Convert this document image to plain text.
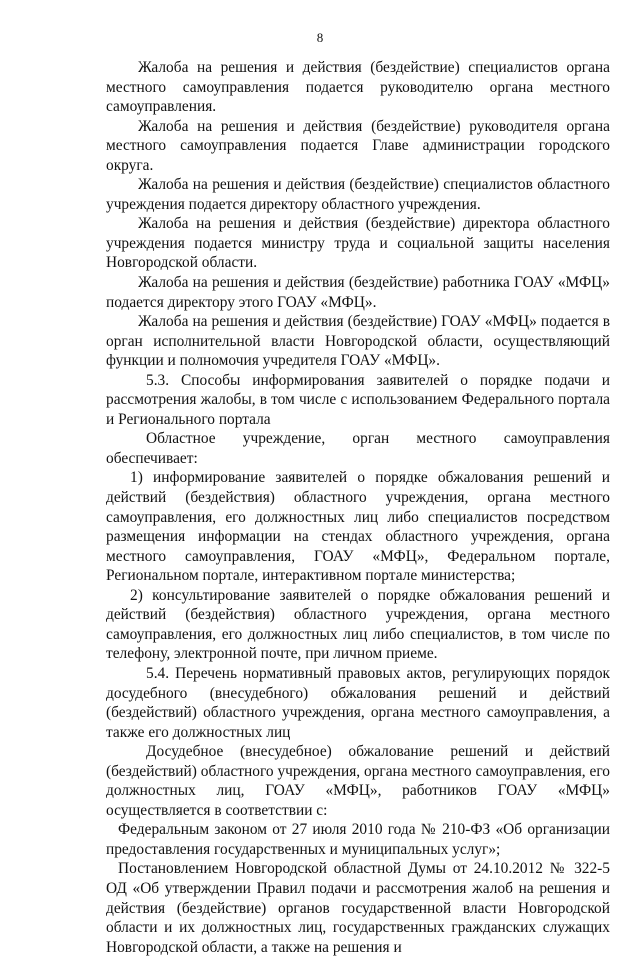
8

Жалоба на решения и действия (бездействие) специалистов органа местного самоуправления подается руководителю органа местного самоуправления.

Жалоба на решения и действия (бездействие) руководителя органа местного самоуправления подается Главе администрации городского округа.

Жалоба на решения и действия (бездействие) специалистов областного учреждения подается директору областного учреждения.

Жалоба на решения и действия (бездействие) директора областного учреждения подается министру труда и социальной защиты населения Новгородской области.

Жалоба на решения и действия (бездействие) работника ГОАУ «МФЦ» подается директору этого ГОАУ «МФЦ».

Жалоба на решения и действия (бездействие) ГОАУ «МФЦ» подается в орган исполнительной власти Новгородской области, осуществляющий функции и полномочия учредителя ГОАУ «МФЦ».

5.3. Способы информирования заявителей о порядке подачи и рассмотрения жалобы, в том числе с использованием Федерального портала и Регионального портала

Областное учреждение, орган местного самоуправления обеспечивает:

1) информирование заявителей о порядке обжалования решений и действий (бездействия) областного учреждения, органа местного самоуправления, его должностных лиц либо специалистов посредством размещения информации на стендах областного учреждения, органа местного самоуправления, ГОАУ «МФЦ», Федеральном портале, Региональном портале, интерактивном портале министерства;

2) консультирование заявителей о порядке обжалования решений и действий (бездействия) областного учреждения, органа местного самоуправления, его должностных лиц либо специалистов, в том числе по телефону, электронной почте, при личном приеме.

5.4. Перечень нормативный правовых актов, регулирующих порядок досудебного (внесудебного) обжалования решений и действий (бездействий) областного учреждения, органа местного самоуправления, а также его должностных лиц

Досудебное (внесудебное) обжалование решений и действий (бездействий) областного учреждения, органа местного самоуправления, его должностных лиц, ГОАУ «МФЦ», работников ГОАУ «МФЦ» осуществляется в соответствии с:

Федеральным законом от 27 июля 2010 года № 210-ФЗ «Об организации предоставления государственных и муниципальных услуг»;

Постановлением Новгородской областной Думы от 24.10.2012 № 322-5 ОД «Об утверждении Правил подачи и рассмотрения жалоб на решения и действия (бездействие) органов государственной власти Новгородской области и их должностных лиц, государственных гражданских служащих Новгородской области, а также на решения и
